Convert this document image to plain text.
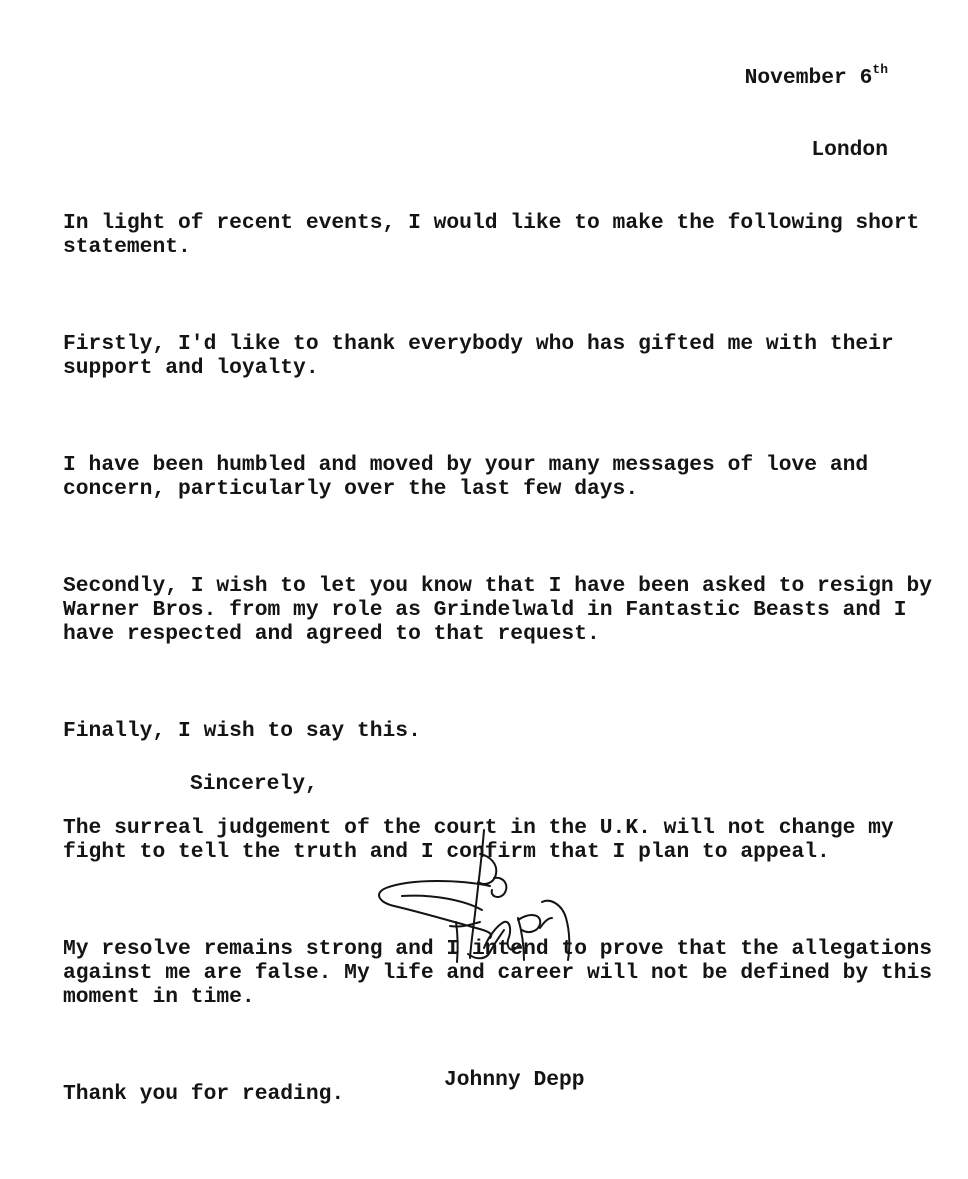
November 6th

London

In light of recent events, I would like to make the following short
statement.

Firstly, I'd like to thank everybody who has gifted me with their
support and loyalty.

I have been humbled and moved by your many messages of love and
concern, particularly over the last few days.

Secondly, I wish to let you know that I have been asked to resign by
Warner Bros. from my role as Grindelwald in Fantastic Beasts and I
have respected and agreed to that request.

Finally, I wish to say this.

The surreal judgement of the court in the U.K. will not change my
fight to tell the truth and I confirm that I plan to appeal.

My resolve remains strong and I intend to prove that the allegations
against me are false. My life and career will not be defined by this
moment in time.

Thank you for reading.

Sincerely,
Johnny Depp
